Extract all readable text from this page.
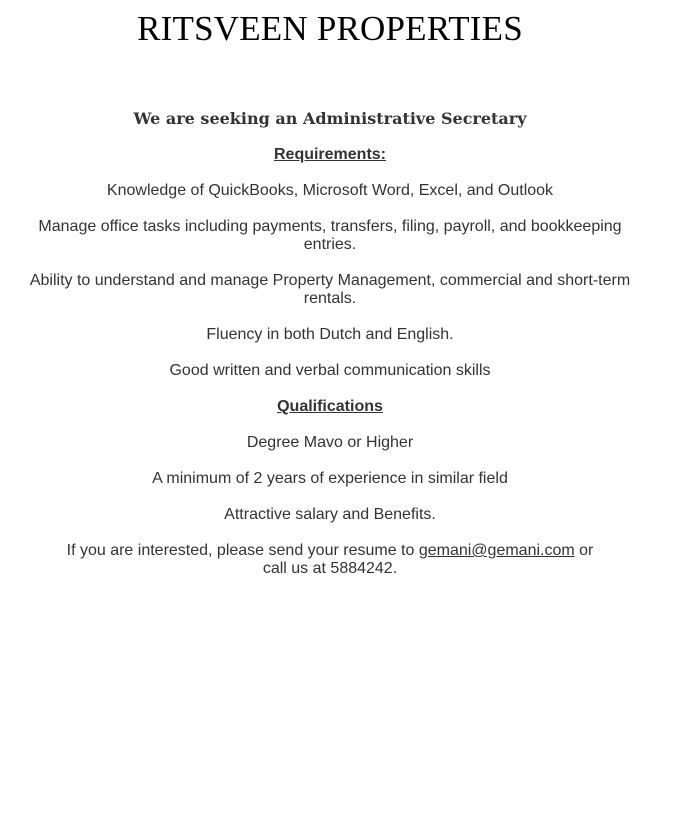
RITSVEEN PROPERTIES
We are seeking an Administrative Secretary

Requirements:

Knowledge of QuickBooks, Microsoft Word, Excel, and Outlook

Manage office tasks including payments, transfers, filing, payroll, and bookkeeping entries.

Ability to understand and manage Property Management, commercial and short-term rentals.

Fluency in both Dutch and English.

Good written and verbal communication skills

Qualifications

Degree Mavo or Higher

A minimum of 2 years of experience in similar field

Attractive salary and Benefits.

If you are interested, please send your resume to gemani@gemani.com or call us at 5884242.
